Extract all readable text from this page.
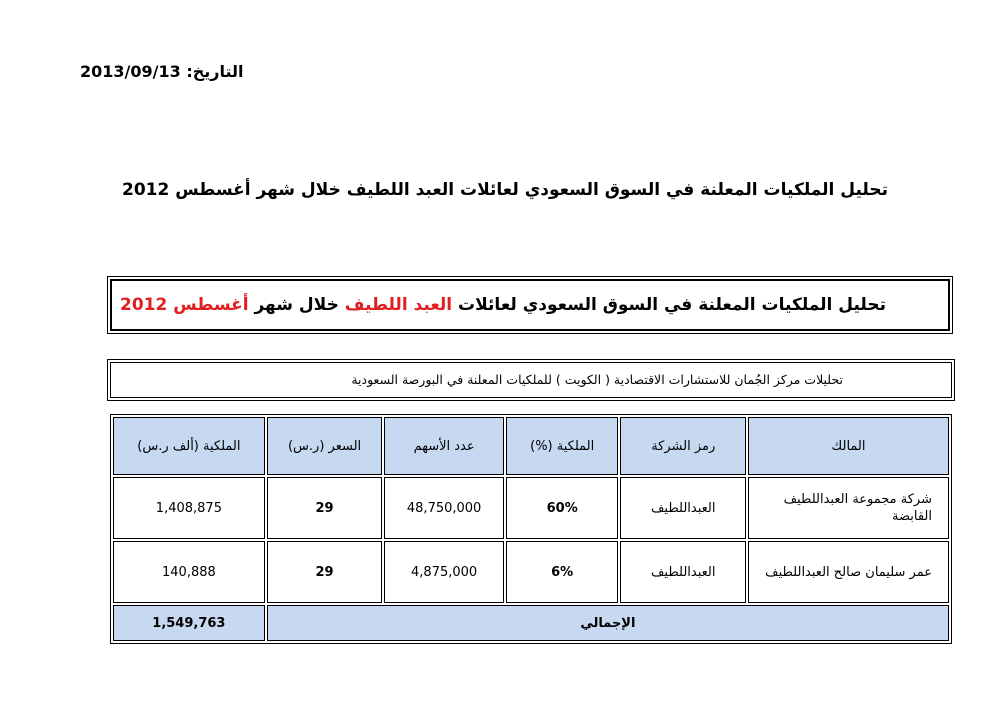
التاريخ: 2013/09/13
تحليل الملكيات المعلنة في السوق السعودي لعائلات العبد اللطيف خلال شهر أغسطس 2012
تحليل الملكيات المعلنة في السوق السعودي لعائلات العبد اللطيف خلال شهر أغسطس 2012
تحليلات مركز الجُمان للاستشارات الاقتصادية ( الكويت ) للملكيات المعلنة في البورصة السعودية
المالك	رمز الشركة	الملكية (%)	عدد الأسهم	السعر (ر.س)	الملكية (ألف ر.س)
شركة مجموعة العبداللطيف القابضة	العبداللطيف	60%	48,750,000	29	1,408,875
عمر سليمان صالح العبداللطيف	العبداللطيف	6%	4,875,000	29	140,888
الإجمالي					1,549,763
